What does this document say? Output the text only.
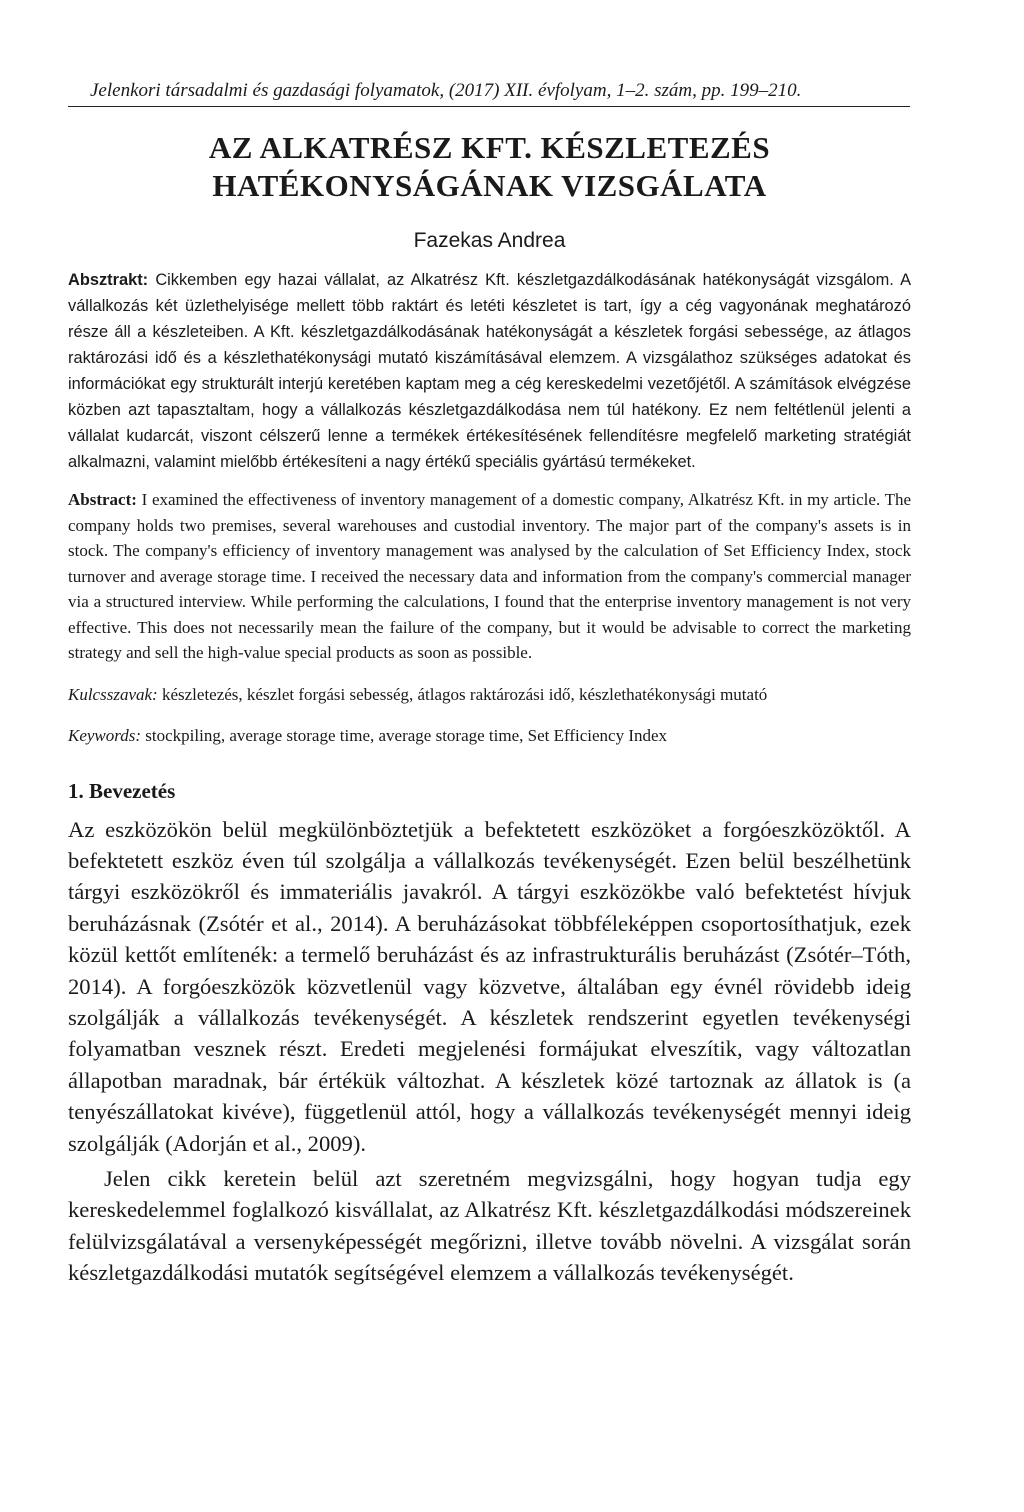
Jelenkori társadalmi és gazdasági folyamatok, (2017) XII. évfolyam, 1–2. szám, pp. 199–210.
AZ ALKATRÉSZ KFT. KÉSZLETEZÉS
HATÉKONYSÁGÁNAK VIZSGÁLATA
Fazekas Andrea
Absztrakt: Cikkemben egy hazai vállalat, az Alkatrész Kft. készletgazdálkodásának hatékonyságát vizsgálom. A vállalkozás két üzlethelyisége mellett több raktárt és letéti készletet is tart, így a cég vagyonának meghatározó része áll a készleteiben. A Kft. készletgazdálkodásának hatékonyságát a készletek forgási sebessége, az átlagos raktározási idő és a készlethatékonysági mutató kiszámításával elemzem. A vizsgálathoz szükséges adatokat és információkat egy strukturált interjú keretében kaptam meg a cég kereskedelmi vezetőjétől. A számítások elvégzése közben azt tapasztaltam, hogy a vállalkozás készletgazdálkodása nem túl hatékony. Ez nem feltétlenül jelenti a vállalat kudarcát, viszont célszerű lenne a termékek értékesítésének fellendítésre megfelelő marketing stratégiát alkalmazni, valamint mielőbb értékesíteni a nagy értékű speciális gyártású termékeket.
Abstract: I examined the effectiveness of inventory management of a domestic company, Alkatrész Kft. in my article. The company holds two premises, several warehouses and custodial inventory. The major part of the company's assets is in stock. The company's efficiency of inventory management was analysed by the calculation of Set Efficiency Index, stock turnover and average storage time. I received the necessary data and information from the company's commercial manager via a structured interview. While performing the calculations, I found that the enterprise inventory management is not very effective. This does not necessarily mean the failure of the company, but it would be advisable to correct the marketing strategy and sell the high-value special products as soon as possible.
Kulcsszavak: készletezés, készlet forgási sebesség, átlagos raktározási idő, készlethatékonysági mutató
Keywords: stockpiling, average storage time, average storage time, Set Efficiency Index
1. Bevezetés

Az eszközökön belül megkülönböztetjük a befektetett eszközöket a forgóeszközöktől. A befektetett eszköz éven túl szolgálja a vállalkozás tevékenységét. Ezen belül beszélhetünk tárgyi eszközökről és immateriális javakról. A tárgyi eszközökbe való befektetést hívjuk beruházásnak (Zsótér et al., 2014). A beruházásokat többféleképpen csoportosíthatjuk, ezek közül kettőt említenék: a termelő beruházást és az infrastrukturális beruházást (Zsótér–Tóth, 2014). A forgóeszközök közvetlenül vagy közvetve, általában egy évnél rövidebb ideig szolgálják a vállalkozás tevékenységét. A készletek rendszerint egyetlen tevékenységi folyamatban vesznek részt. Eredeti megjelenési formájukat elveszítik, vagy változatlan állapotban maradnak, bár értékük változhat. A készletek közé tartoznak az állatok is (a tenyészállatokat kivéve), függetlenül attól, hogy a vállalkozás tevékenységét mennyi ideig szolgálják (Adorján et al., 2009).

Jelen cikk keretein belül azt szeretném megvizsgálni, hogy hogyan tudja egy kereskedelemmel foglalkozó kisvállalat, az Alkatrész Kft. készletgazdálkodási módszereinek felülvizsgálatával a versenyképességét megőrizni, illetve tovább növelni. A vizsgálat során készletgazdálkodási mutatók segítségével elemzem a vállalkozás tevékenységét.
